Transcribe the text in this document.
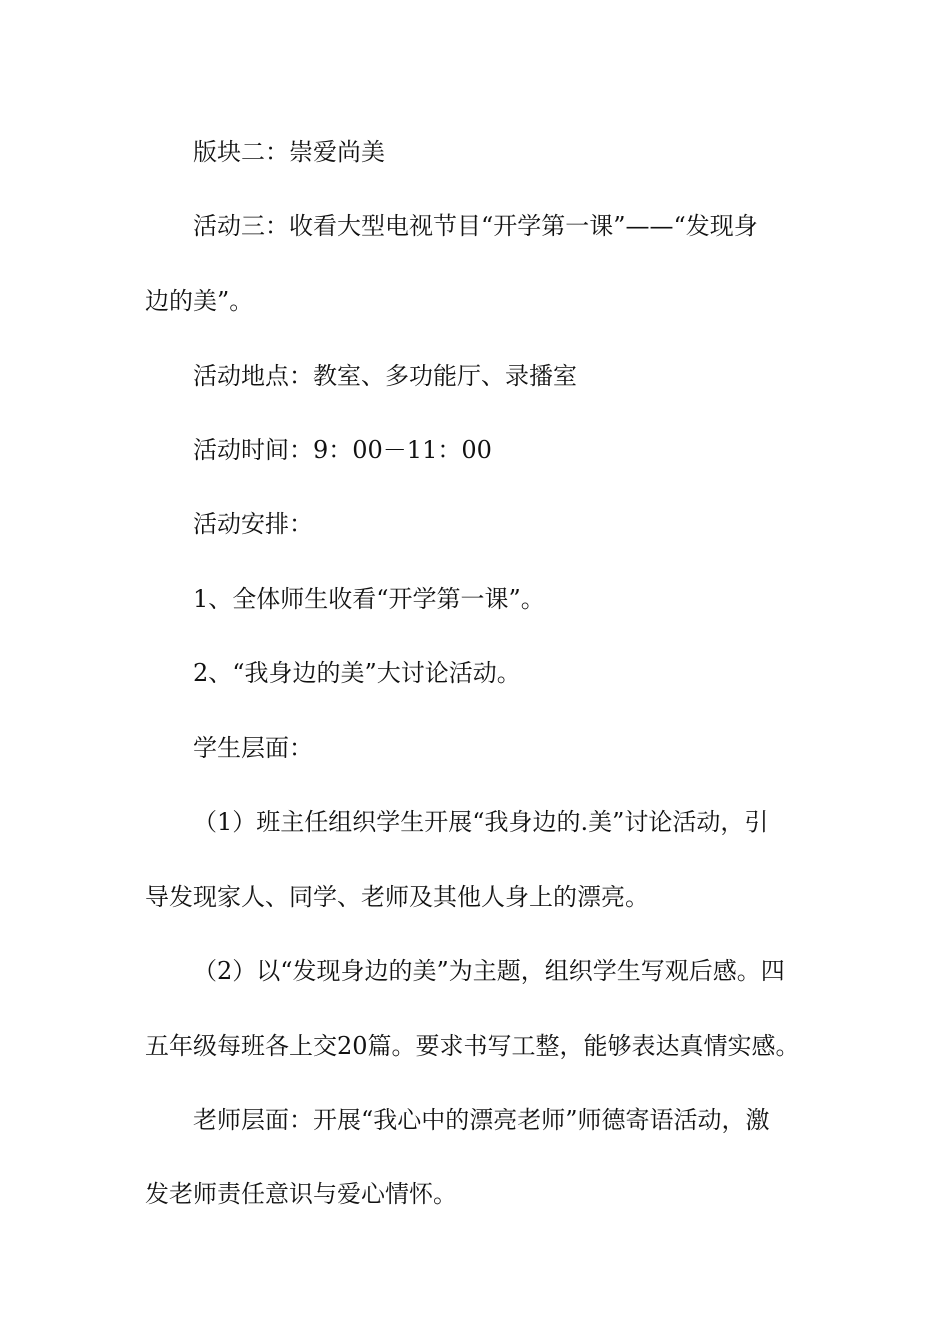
版块二：崇爱尚美
活动三：收看大型电视节目“开学第一课”——“发现身
边的美”。
活动地点：教室、多功能厅、录播室
活动时间：9：00－11：00
活动安排：
1、全体师生收看“开学第一课”。
2、“我身边的美”大讨论活动。
学生层面：
（1）班主任组织学生开展“我身边的.美”讨论活动，引
导发现家人、同学、老师及其他人身上的漂亮。
（2）以“发现身边的美”为主题，组织学生写观后感。四
五年级每班各上交20篇。要求书写工整，能够表达真情实感。
老师层面：开展“我心中的漂亮老师”师德寄语活动，激
发老师责任意识与爱心情怀。
